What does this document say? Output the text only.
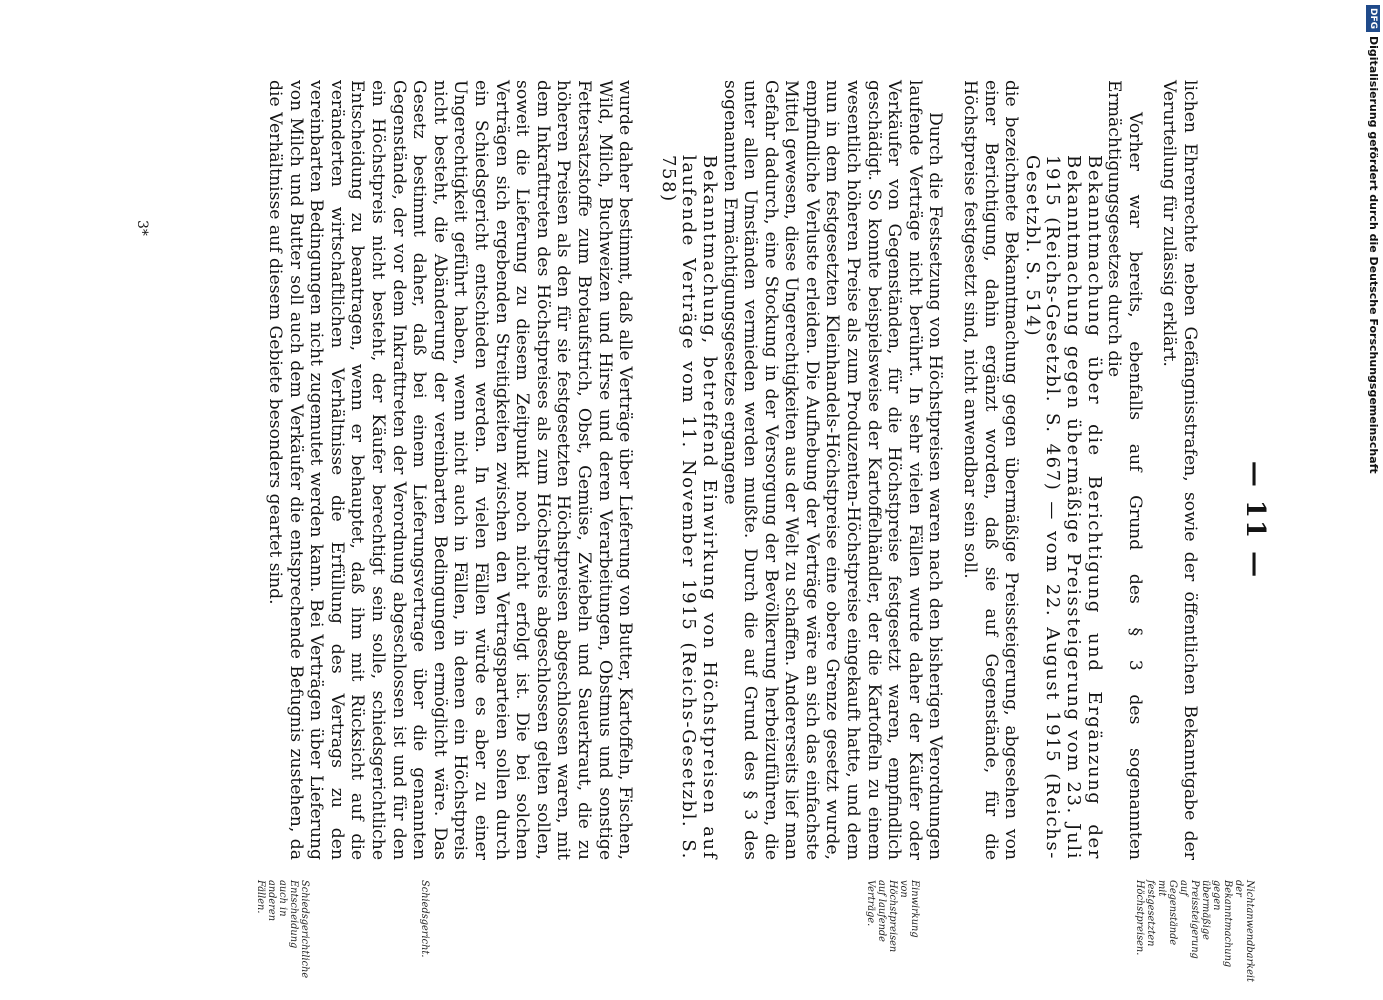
— 11 —

lichen Ehrenrechte neben Gefängnisstrafen, sowie der öffentlichen Bekanntgabe der Verurteilung für zulässig erklärt.

Vorher war bereits, ebenfalls auf Grund des § 3 des sogenannten Ermächtigungsgesetzes durch die

Bekanntmachung über die Berichtigung und Ergänzung der Bekanntmachung gegen übermäßige Preissteigerung vom 23. Juli 1915 (Reichs-Gesetzbl. S. 467) — vom 22. August 1915 (Reichs-Gesetzbl. S. 514)

die bezeichnete Bekanntmachung gegen übermäßige Preissteigerung, abgesehen von einer Berichtigung, dahin ergänzt worden, daß sie auf Gegenstände, für die Höchstpreise festgesetzt sind, nicht anwendbar sein soll.

Durch die Festsetzung von Höchstpreisen waren nach den bisherigen Verordnungen laufende Verträge nicht berührt. In sehr vielen Fällen wurde daher der Käufer oder Verkäufer von Gegenständen, für die Höchstpreise festgesetzt waren, empfindlich geschädigt. So konnte beispielsweise der Kartoffelhändler, der die Kartoffeln zu einem wesentlich höheren Preise als zum Produzenten-Höchstpreise eingekauft hatte, und dem nun in dem festgesetzten Kleinhandels-Höchstpreise eine obere Grenze gesetzt wurde, empfindliche Verluste erleiden. Die Aufhebung der Verträge wäre an sich das einfachste Mittel gewesen, diese Ungerechtigkeiten aus der Welt zu schaffen. Andererseits lief man Gefahr dadurch, eine Stockung in der Versorgung der Bevölkerung herbeizuführen, die unter allen Umständen vermieden werden mußte. Durch die auf Grund des § 3 des sogenannten Ermächtigungsgesetzes ergangene

Bekanntmachung, betreffend Einwirkung von Höchstpreisen auf laufende Verträge vom 11. November 1915 (Reichs-Gesetzbl. S. 758)

wurde daher bestimmt, daß alle Verträge über Lieferung von Butter, Kartoffeln, Fischen, Wild, Milch, Buchweizen und Hirse und deren Verarbeitungen, Obstmus und sonstige Fettersatzstoffe zum Brotaufstrich, Obst, Gemüse, Zwiebeln und Sauerkraut, die zu höheren Preisen als den für sie festgesetzten Höchstpreisen abgeschlossen waren, mit dem Inkrafttreten des Höchstpreises als zum Höchstpreis abgeschlossen gelten sollen, soweit die Lieferung zu diesem Zeitpunkt noch nicht erfolgt ist. Die bei solchen Verträgen sich ergebenden Streitigkeiten zwischen den Vertragsparteien sollen durch ein Schiedsgericht entschieden werden. In vielen Fällen würde es aber zu einer Ungerechtigkeit geführt haben, wenn nicht auch in Fällen, in denen ein Höchstpreis nicht besteht, die Abänderung der vereinbarten Bedingungen ermöglicht wäre. Das Gesetz bestimmt daher, daß bei einem Lieferungsvertrage über die genannten Gegenstände, der vor dem Inkrafttreten der Verordnung abgeschlossen ist und für den ein Höchstpreis nicht besteht, der Käufer berechtigt sein solle, schiedsgerichtliche Entscheidung zu beantragen, wenn er behauptet, daß ihm mit Rücksicht auf die veränderten wirtschaftlichen Verhältnisse die Erfüllung des Vertrags zu den vereinbarten Bedingungen nicht zugemutet werden kann. Bei Verträgen über Lieferung von Milch und Butter soll auch dem Verkäufer die entsprechende Befugnis zustehen, da die Verhältnisse auf diesem Gebiete besonders geartet sind.

Nichtanwendbarkeit der Bekanntmachung gegen übermäßige Preissteigerung auf Gegenstände mit festgesetzten Höchstpreisen.
Einwirkung von Höchstpreisen auf laufende Verträge.
Schiedsgericht.
Schiedsgerichtliche Entscheidung auch in anderen Fällen.
3*
DFGDigitalisierung gefördert durch die Deutsche Forschungsgemeinschaft
